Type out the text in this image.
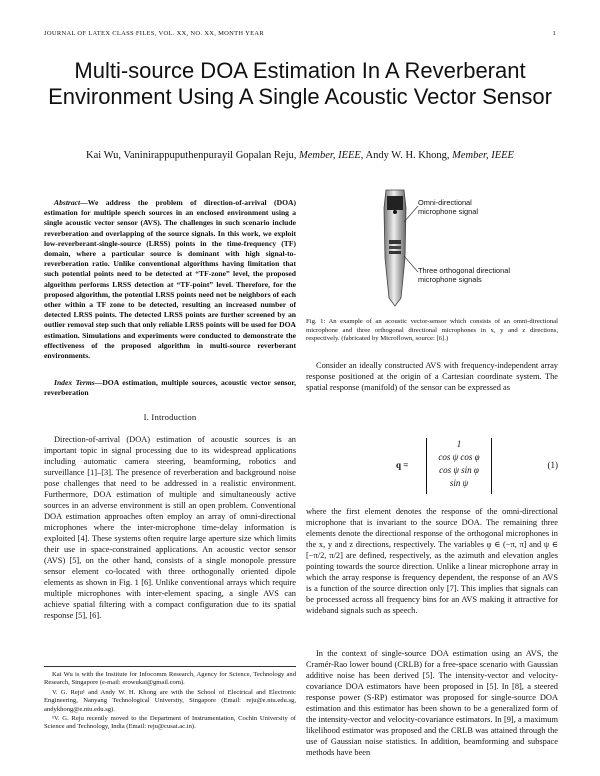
JOURNAL OF LATEX CLASS FILES, VOL. XX, NO. XX, MONTH YEAR	1
Multi-source DOA Estimation In A Reverberant Environment Using A Single Acoustic Vector Sensor
Kai Wu, Vaninirappuputhenpurayil Gopalan Reju, Member, IEEE, Andy W. H. Khong, Member, IEEE
Abstract—We address the problem of direction-of-arrival (DOA) estimation for multiple speech sources in an enclosed environment using a single acoustic vector sensor (AVS). The challenges in such scenario include reverberation and overlapping of the source signals. In this work, we exploit low-reverberant-single-source (LRSS) points in the time-frequency (TF) domain, where a particular source is dominant with high signal-to-reverberation ratio. Unlike conventional algorithms having limitation that such potential points need to be detected at “TF-zone” level, the proposed algorithm performs LRSS detection at “TF-point” level. Therefore, for the proposed algorithm, the potential LRSS points need not be neighbors of each other within a TF zone to be detected, resulting an increased number of detected LRSS points. The detected LRSS points are further screened by an outlier removal step such that only reliable LRSS points will be used for DOA estimation. Simulations and experiments were conducted to demonstrate the effectiveness of the proposed algorithm in multi-source reverberant environments.
Index Terms—DOA estimation, multiple sources, acoustic vector sensor, reverberation
I. Introduction
Direction-of-arrival (DOA) estimation of acoustic sources is an important topic in signal processing due to its widespread applications including automatic camera steering, beamforming, robotics and surveillance [1]–[3]. The presence of reverberation and background noise pose challenges that need to be addressed in a realistic environment. Furthermore, DOA estimation of multiple and simultaneously active sources in an adverse environment is still an open problem. Conventional DOA estimation approaches often employ an array of omni-directional microphones where the inter-microphone time-delay information is exploited [4]. These systems often require large aperture size which limits their use in space-constrained applications. An acoustic vector sensor (AVS) [5], on the other hand, consists of a single monopole pressure sensor element co-located with three orthogonally oriented dipole elements as shown in Fig. 1 [6]. Unlike conventional arrays which require multiple microphones with inter-element spacing, a single AVS can achieve spatial filtering with a compact configuration due to its spatial response [5], [6].

Kai Wu is with the Institute for Infocomm Research, Agency for Science, Technology and Research, Singapore (e-mail: erowukai@gmail.com).

V. G. Reju¹ and Andy W. H. Khong are with the School of Electrical and Electronic Engineering, Nanyang Technological University, Singapore (Email: reju@e.ntu.edu.sg, andykhong@e.ntu.edu.sg).

¹V. G. Reju recently moved to the Department of Instrumentation, Cochin University of Science and Technology, India (Email: reju@cusat.ac.in).

Omni-directional microphone signal
Three orthogonal directional microphone signals
Fig. 1: An example of an acoustic vector-sensor which consists of an omni-directional microphone and three orthogonal directional microphones in x, y and z directions, respectively. (fabricated by Microflown, source: [6].)
Consider an ideally constructed AVS with frequency-independent array response positioned at the origin of a Cartesian coordinate system. The spatial response (manifold) of the sensor can be expressed as
q =
1
cos ψ cos φ
cos ψ sin φ
sin ψ
(1)
where the first element denotes the response of the omni-directional microphone that is invariant to the source DOA. The remaining three elements denote the directional response of the orthogonal microphones in the x, y and z directions, respectively. The variables φ ∈ (−π, π] and ψ ∈ [−π/2, π/2] are defined, respectively, as the azimuth and elevation angles pointing towards the source direction. Unlike a linear microphone array in which the array response is frequency dependent, the response of an AVS is a function of the source direction only [7]. This implies that signals can be processed across all frequency bins for an AVS making it attractive for wideband signals such as speech.
In the context of single-source DOA estimation using an AVS, the Cramér-Rao lower bound (CRLB) for a free-space scenario with Gaussian additive noise has been derived [5]. The intensity-vector and velocity-covariance DOA estimators have been proposed in [5]. In [8], a steered response power (S-RP) estimator was proposed for single-source DOA estimation and this estimator has been shown to be a generalized form of the intensity-vector and velocity-covariance estimators. In [9], a maximum likelihood estimator was proposed and the CRLB was attained through the use of Gaussian noise statistics. In addition, beamforming and subspace methods have been
